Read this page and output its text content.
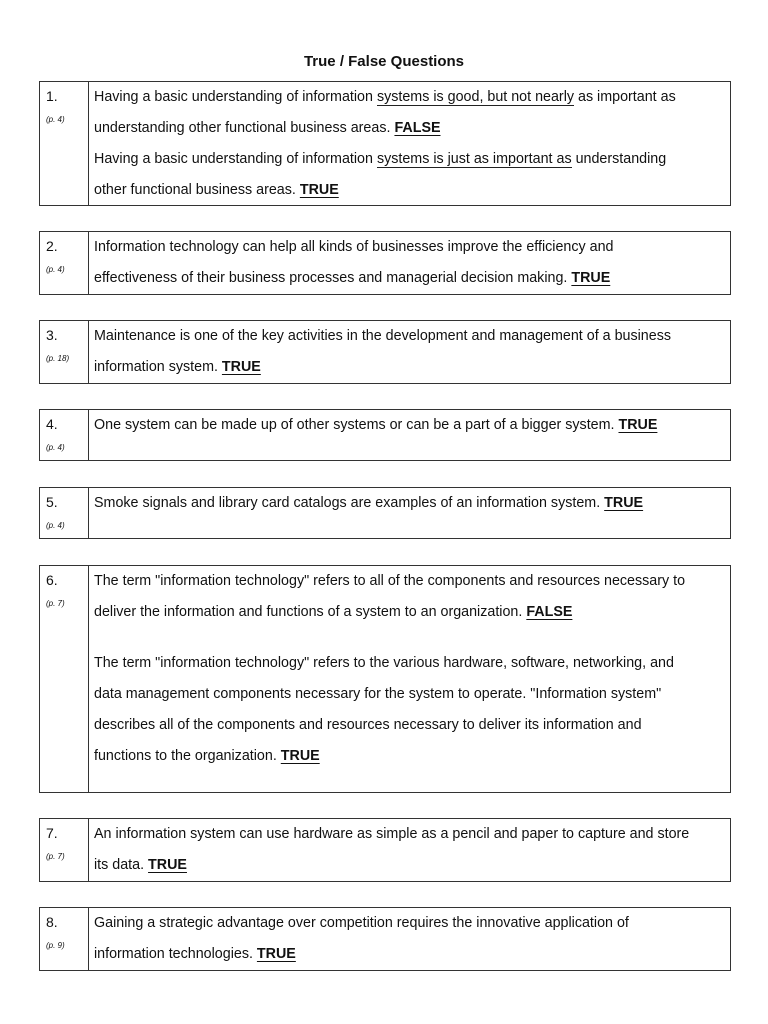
True / False Questions
1.
(p. 4)
Having a basic understanding of information systems is good, but not nearly as important as
understanding other functional business areas. FALSE
Having a basic understanding of information systems is just as important as understanding
other functional business areas. TRUE
2.
(p. 4)
Information technology can help all kinds of businesses improve the efficiency and
effectiveness of their business processes and managerial decision making. TRUE
3.
(p. 18)
Maintenance is one of the key activities in the development and management of a business
information system. TRUE
4.
(p. 4)
One system can be made up of other systems or can be a part of a bigger system. TRUE
5.
(p. 4)
Smoke signals and library card catalogs are examples of an information system. TRUE
6.
(p. 7)
The term "information technology" refers to all of the components and resources necessary to
deliver the information and functions of a system to an organization. FALSE
The term "information technology" refers to the various hardware, software, networking, and
data management components necessary for the system to operate. "Information system"
describes all of the components and resources necessary to deliver its information and
functions to the organization. TRUE
7.
(p. 7)
An information system can use hardware as simple as a pencil and paper to capture and store
its data. TRUE
8.
(p. 9)
Gaining a strategic advantage over competition requires the innovative application of
information technologies. TRUE
